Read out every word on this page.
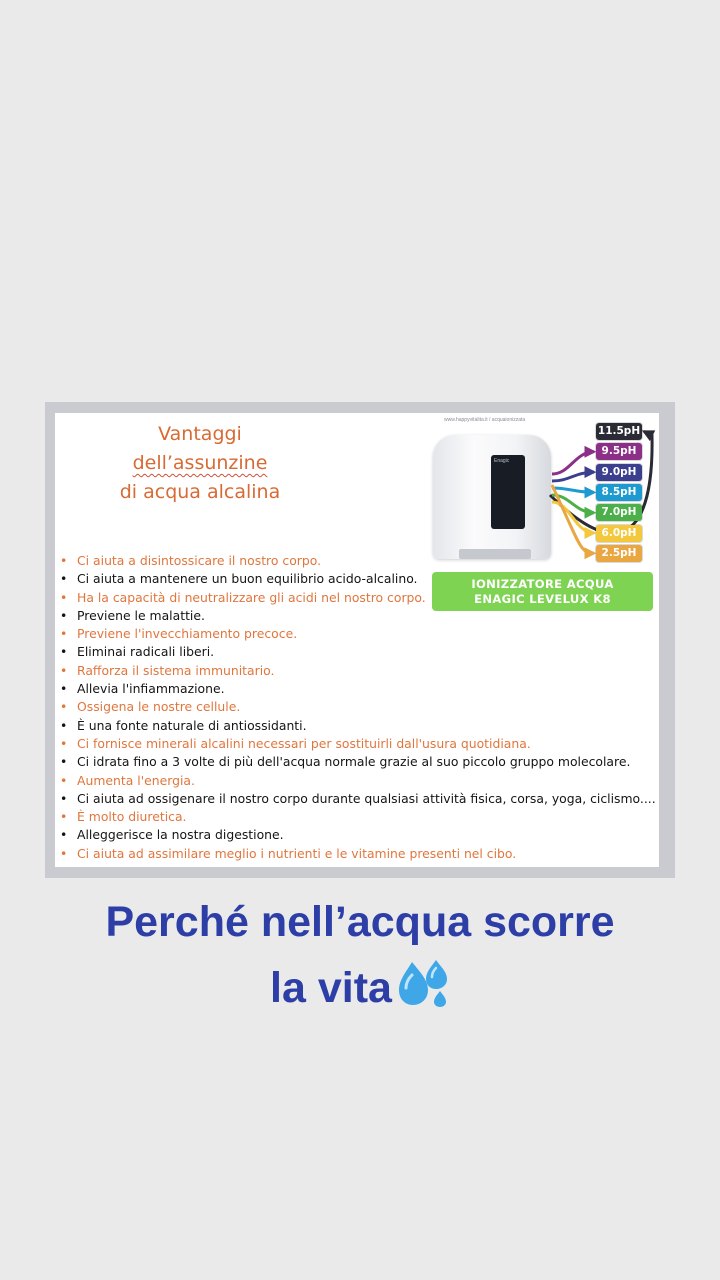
Vantaggi
dell’assunzine
di acqua alcalina
www.happyvitalita.it / acquaionizzata
Enagic
11.5pH
9.5pH
9.0pH
8.5pH
7.0pH
6.0pH
2.5pH
IONIZZATORE ACQUA
ENAGIC LEVELUX K8
• Ci aiuta a disintossicare il nostro corpo.
• Ci aiuta a mantenere un buon equilibrio acido-alcalino.
• Ha la capacità di neutralizzare gli acidi nel nostro corpo.
• Previene le malattie.
• Previene l'invecchiamento precoce.
• Eliminai radicali liberi.
• Rafforza il sistema immunitario.
• Allevia l'infiammazione.
• Ossigena le nostre cellule.
• È una fonte naturale di antiossidanti.
• Ci fornisce minerali alcalini necessari per sostituirli dall'usura quotidiana.
• Ci idrata fino a 3 volte di più dell'acqua normale grazie al suo piccolo gruppo molecolare.
• Aumenta l'energia.
• Ci aiuta ad ossigenare il nostro corpo durante qualsiasi attività fisica, corsa, yoga, ciclismo....
• È molto diuretica.
• Alleggerisce la nostra digestione.
• Ci aiuta ad assimilare meglio i nutrienti e le vitamine presenti nel cibo.
Perché nell’acqua scorre
la vita
